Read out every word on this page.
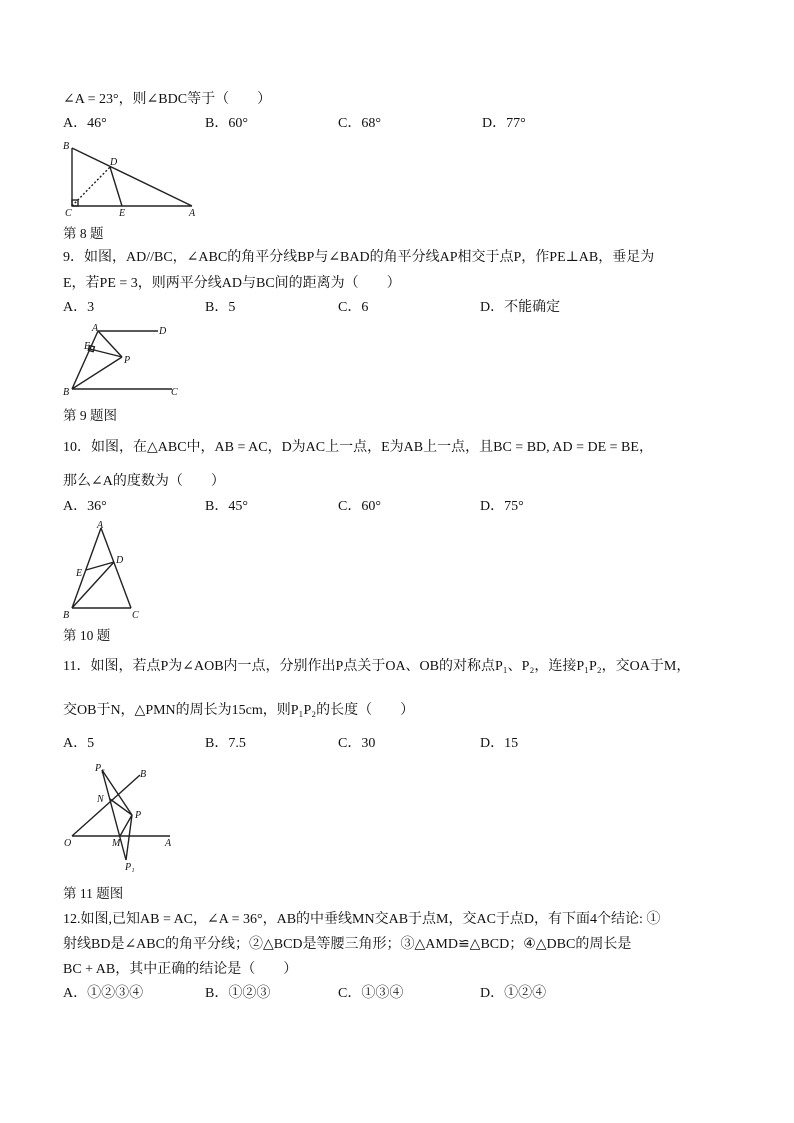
∠A = 23°，则∠BDC等于（　　）
A．46°	B．60°	C．68°	D．77°
B
D
C	E	A
第 8 题
9．如图，AD//BC，∠ABC的角平分线BP与∠BAD的角平分线AP相交于点P，作PE⊥AB，垂足为
E，若PE = 3，则两平分线AD与BC间的距离为（　　）
A．3	B．5	C．6	D．不能确定
A	D
E
P
B	C
第 9 题图
10．如图，在△ABC中，AB = AC，D为AC上一点，E为AB上一点，且BC = BD, AD = DE = BE，
那么∠A的度数为（　　）
A．36°	B．45°	C．60°	D．75°
A
D
E
B	C
第 10 题
11．如图，若点P为∠AOB内一点，分别作出P点关于OA、OB的对称点P₁、P₂，连接P₁P₂，交OA于M，
交OB于N，△PMN的周长为15cm，则P₁P₂的长度（　　）
A．5	B．7.5	C．30	D．15
P₂
B
N
P
O	M	A
P₁
第 11 题图
12.如图,已知AB = AC，∠A = 36°，AB的中垂线MN交AB于点M，交AC于点D，有下面4个结论: ①
射线BD是∠ABC的角平分线；②△BCD是等腰三角形；③△AMD≌△BCD；④△DBC的周长是
BC + AB，其中正确的结论是（　　）
A．①②③④	B．①②③	C．①③④	D．①②④
